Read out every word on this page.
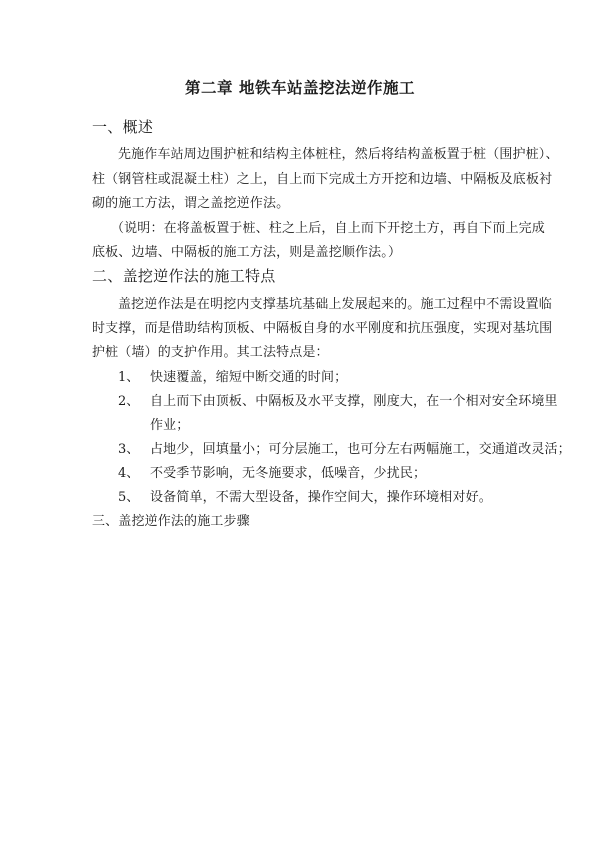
第二章 地铁车站盖挖法逆作施工
一、概述
先施作车站周边围护桩和结构主体桩柱，然后将结构盖板置于桩（围护桩）、
柱（钢管柱或混凝土柱）之上，自上而下完成土方开挖和边墙、中隔板及底板衬
砌的施工方法，谓之盖挖逆作法。
（说明：在将盖板置于桩、柱之上后，自上而下开挖土方，再自下而上完成
底板、边墙、中隔板的施工方法，则是盖挖顺作法。）
二、盖挖逆作法的施工特点
盖挖逆作法是在明挖内支撑基坑基础上发展起来的。施工过程中不需设置临
时支撑，而是借助结构顶板、中隔板自身的水平刚度和抗压强度，实现对基坑围
护桩（墙）的支护作用。其工法特点是：
1、 快速覆盖，缩短中断交通的时间；
2、 自上而下由顶板、中隔板及水平支撑，刚度大，在一个相对安全环境里
作业；
3、 占地少，回填量小；可分层施工，也可分左右两幅施工，交通道改灵活；
4、 不受季节影响，无冬施要求，低噪音，少扰民；
5、 设备简单，不需大型设备，操作空间大，操作环境相对好。
三、盖挖逆作法的施工步骤
